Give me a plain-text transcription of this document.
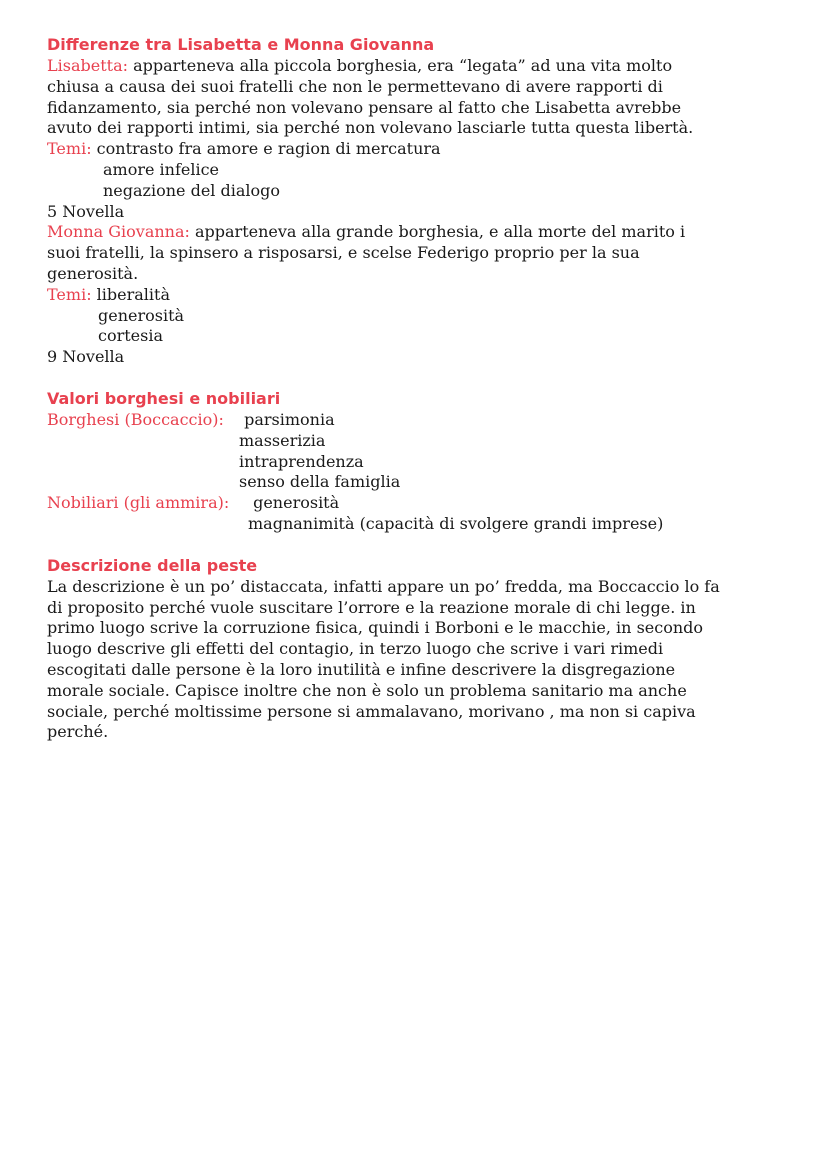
Differenze tra Lisabetta e Monna Giovanna
Lisabetta: apparteneva alla piccola borghesia, era “legata” ad una vita molto
chiusa a causa dei suoi fratelli che non le permettevano di avere rapporti di
fidanzamento, sia perché non volevano pensare al fatto che Lisabetta avrebbe
avuto dei rapporti intimi, sia perché non volevano lasciarle tutta questa libertà.
Temi: contrasto fra amore e ragion di mercatura
amore infelice
negazione del dialogo
5 Novella
Monna Giovanna: apparteneva alla grande borghesia, e alla morte del marito i
suoi fratelli, la spinsero a risposarsi, e scelse Federigo proprio per la sua
generosità.
Temi: liberalità
generosità
cortesia
9 Novella
Valori borghesi e nobiliari
Borghesi (Boccaccio): parsimonia
masserizia
intraprendenza
senso della famiglia
Nobiliari (gli ammira): generosità
magnanimità (capacità di svolgere grandi imprese)
Descrizione della peste
La descrizione è un po’ distaccata, infatti appare un po’ fredda, ma Boccaccio lo fa
di proposito perché vuole suscitare l’orrore e la reazione morale di chi legge. in
primo luogo scrive la corruzione fisica, quindi i Borboni e le macchie, in secondo
luogo descrive gli effetti del contagio, in terzo luogo che scrive i vari rimedi
escogitati dalle persone è la loro inutilità e infine descrivere la disgregazione
morale sociale. Capisce inoltre che non è solo un problema sanitario ma anche
sociale, perché moltissime persone si ammalavano, morivano , ma non si capiva
perché.
